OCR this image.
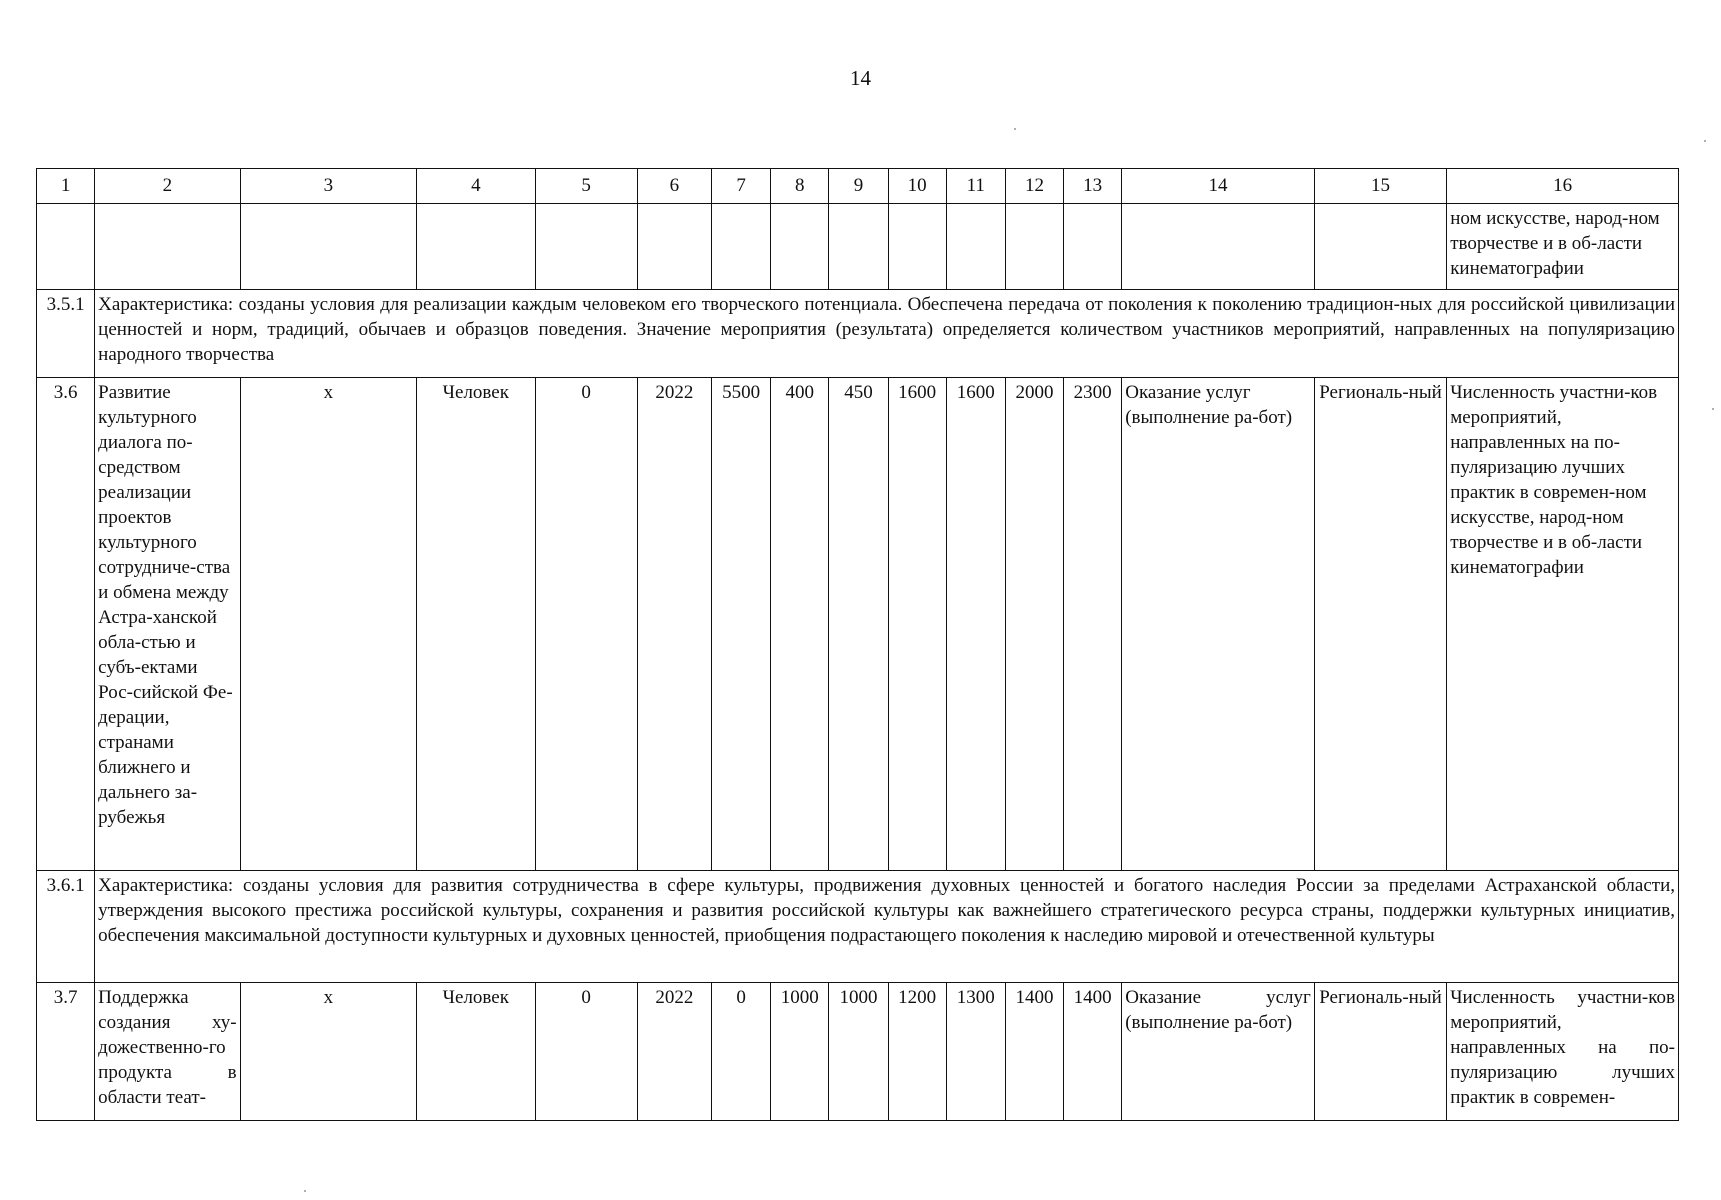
14
1	2	3	4	5	6	7	8	9	10	11	12	13	14	15	16
															ном искусстве, народ-ном творчестве и в об-ласти кинематографии
3.5.1	Характеристика: созданы условия для реализации каждым человеком его творческого потенциала. Обеспечена передача от поколения к поколению традицион-ных для российской цивилизации ценностей и норм, традиций, обычаев и образцов поведения. Значение мероприятия (результата) определяется количеством участников мероприятий, направленных на популяризацию народного творчества														
3.6	Развитие культурного диалога по-средством реализации проектов культурного сотрудниче-ства и обмена между Астра-ханской обла-стью и субъ-ектами Рос-сийской Фе-дерации, странами ближнего и дальнего за-рубежья	х	Человек	0	2022	5500	400	450	1600	1600	2000	2300	Оказание услуг (выполнение ра-бот)	Региональ-ный	Численность участни-ков мероприятий, направленных на по-пуляризацию лучших практик в современ-ном искусстве, народ-ном творчестве и в об-ласти кинематографии
3.6.1	Характеристика: созданы условия для развития сотрудничества в сфере культуры, продвижения духовных ценностей и богатого наследия России за пределами Астраханской области, утверждения высокого престижа российской культуры, сохранения и развития российской культуры как важнейшего стратегического ресурса страны, поддержки культурных инициатив, обеспечения максимальной доступности культурных и духовных ценностей, приобщения подрастающего поколения к наследию мировой и отечественной культуры														
3.7	Поддержка создания ху-дожественно-го продукта в области теат-	х	Человек	0	2022	0	1000	1000	1200	1300	1400	1400	Оказание услуг (выполнение ра-бот)	Региональ-ный	Численность участни-ков мероприятий, направленных на по-пуляризацию лучших практик в современ-
